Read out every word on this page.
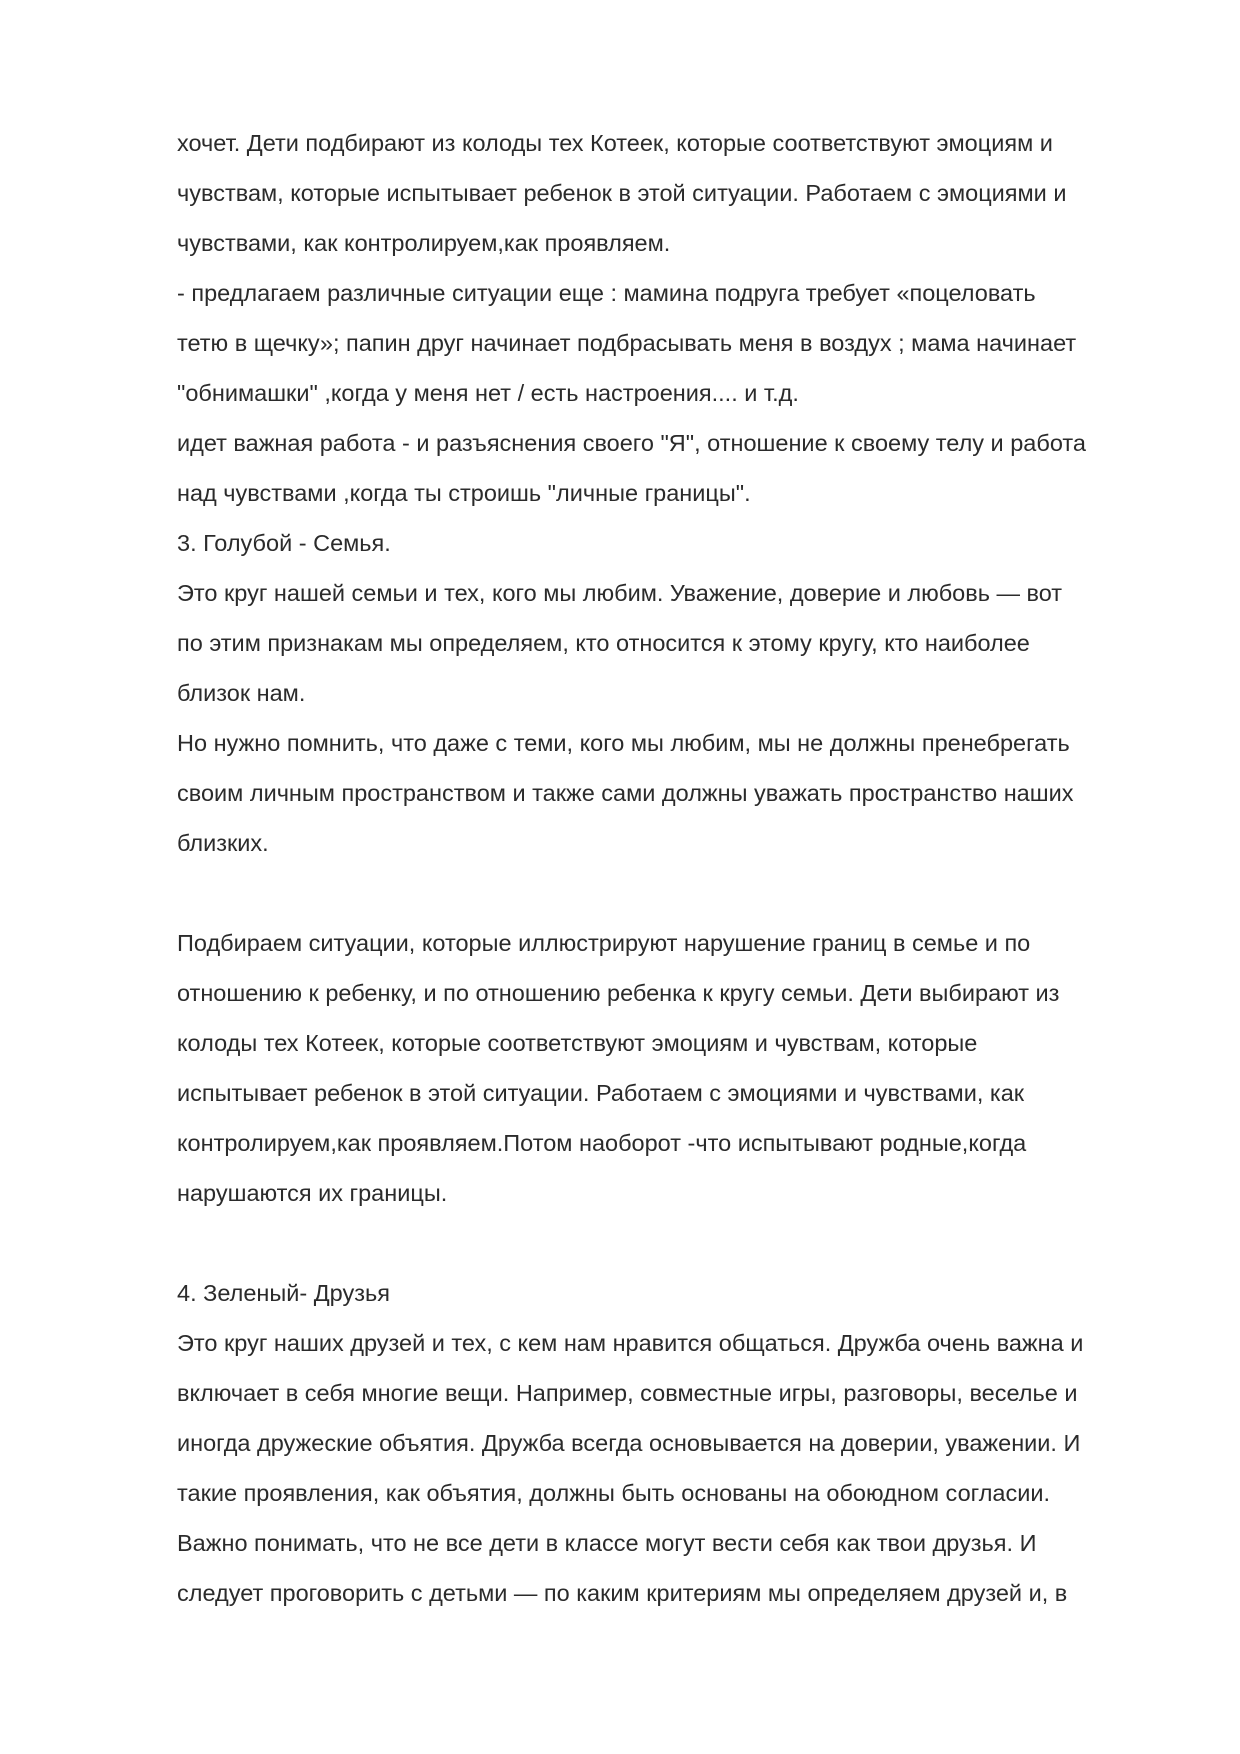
хочет. Дети подбирают из колоды тех Котеек, которые соответствуют эмоциям и
чувствам, которые испытывает ребенок в этой ситуации. Работаем с эмоциями и
чувствами, как контролируем,как проявляем.
- предлагаем различные ситуации еще : мамина подруга требует «поцеловать
тетю в щечку»; папин друг начинает подбрасывать меня в воздух ; мама начинает
"обнимашки" ,когда у меня нет / есть настроения.... и т.д.
идет важная работа - и разъяснения своего "Я", отношение к своему телу и работа
над чувствами ,когда ты строишь "личные границы".
3. Голубой - Семья.
Это круг нашей семьи и тех, кого мы любим. Уважение, доверие и любовь — вот
по этим признакам мы определяем, кто относится к этому кругу, кто наиболее
близок нам.
Но нужно помнить, что даже с теми, кого мы любим, мы не должны пренебрегать
своим личным пространством и также сами должны уважать пространство наших
близких.
Подбираем ситуации, которые иллюстрируют нарушение границ в семье и по
отношению к ребенку, и по отношению ребенка к кругу семьи. Дети выбирают из
колоды тех Котеек, которые соответствуют эмоциям и чувствам, которые
испытывает ребенок в этой ситуации. Работаем с эмоциями и чувствами, как
контролируем,как проявляем.Потом наоборот -что испытывают родные,когда
нарушаются их границы.
4. Зеленый- Друзья
Это круг наших друзей и тех, с кем нам нравится общаться. Дружба очень важна и
включает в себя многие вещи. Например, совместные игры, разговоры, веселье и
иногда дружеские объятия. Дружба всегда основывается на доверии, уважении. И
такие проявления, как объятия, должны быть основаны на обоюдном согласии.
Важно понимать, что не все дети в классе могут вести себя как твои друзья. И
следует проговорить с детьми — по каким критериям мы определяем друзей и, в
